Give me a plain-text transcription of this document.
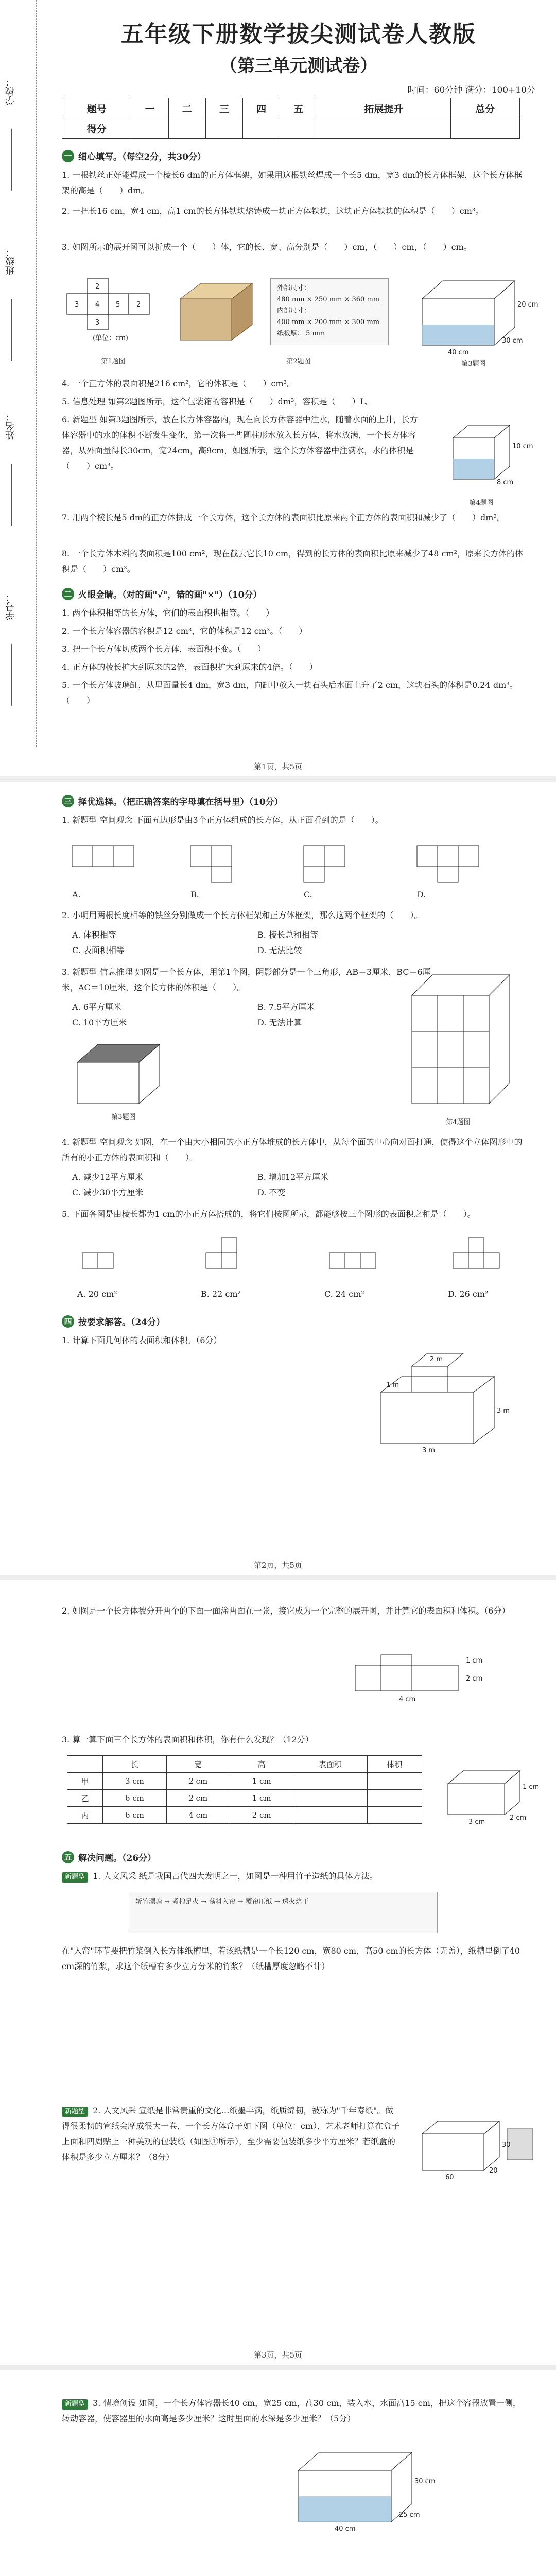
学校：
班级：
姓名：
学号：
五年级下册数学拔尖测试卷人教版
（第三单元测试卷）
时间：60分钟 满分：100+10分
题号	一	二	三	四	五	拓展提升	总分
得分							
一 细心填写。（每空2分，共30分）
1. 一根铁丝正好能焊成一个棱长6 dm的正方体框架，如果用这根铁丝焊成一个长5 dm，宽3 dm的长方体框架，这个长方体框架的高是（　　）dm。
2. 一把长16 cm，宽4 cm，高1 cm的长方体铁块熔铸成一块正方体铁块，这块正方体铁块的体积是（　　）cm³。
3. 如图所示的展开图可以折成一个（　　）体，它的长、宽、高分别是（　　）cm，（　　）cm，（　　）cm。
2
3 4 5 2
3
(单位：cm)
第1题图
外部尺寸：
480 mm × 250 mm × 360 mm
内部尺寸：
400 mm × 200 mm × 300 mm
纸板厚： 5 mm
第2题图
40 cm
30 cm
20 cm
第3题图
4. 一个正方体的表面积是216 cm²，它的体积是（　　）cm³。
5. 信息处理 如第2题图所示，这个包装箱的容积是（　　）dm³，容积是（　　）L。
6. 新题型 如第3题图所示，放在长方体容器内，现在向长方体容器中注水，随着水面的上升，长方体容器中的水的体积不断发生变化，第一次将一些圆柱形水放入长方体，将水放满，一个长方体容器，从外面量得长30cm，宽24cm，高9cm，如图所示，这个长方体容器中注满水，水的体积是（　　）cm³。
8 cm
10 cm
第4题图
7. 用两个棱长是5 dm的正方体拼成一个长方体，这个长方体的表面积比原来两个正方体的表面积和减少了（　　）dm²。
8. 一个长方体木料的表面积是100 cm²，现在截去它长10 cm，得到的长方体的表面积比原来减少了48 cm²，原来长方体的体积是（　　）cm³。
二 火眼金睛。（对的画"√"，错的画"×"）（10分）
1. 两个体积相等的长方体，它们的表面积也相等。（　　）
2. 一个长方体容器的容积是12 cm³，它的体积是12 cm³。（　　）
3. 把一个长方体切成两个长方体，表面积不变。（　　）
4. 正方体的棱长扩大到原来的2倍，表面积扩大到原来的4倍。（　　）
5. 一个长方体玻璃缸，从里面量长4 dm，宽3 dm，向缸中放入一块石头后水面上升了2 cm，这块石头的体积是0.24 dm³。（　　）
第1页，共5页
三 择优选择。（把正确答案的字母填在括号里）（10分）
1. 新题型 空间观念 下面五边形是由3个正方体组成的长方体，从正面看到的是（　　）。
A.	B.	C.	D.
2. 小明用两根长度相等的铁丝分别做成一个长方体框架和正方体框架，那么这两个框架的（　　）。
A. 体积相等	B. 棱长总和相等
C. 表面积相等	D. 无法比较
3. 新题型 信息推理 如图是一个长方体，用第1个图，阴影部分是一个三角形，AB＝3厘米，BC＝6厘米，AC＝10厘米，这个长方体的体积是（　　）。
A. 6平方厘米	B. 7.5平方厘米
C. 10平方厘米	D. 无法计算
第3题图
第4题图
4. 新题型 空间观念 如图，在一个由大小相同的小正方体堆成的长方体中，从每个面的中心向对面打通，使得这个立体图形中的所有的小正方体的表面积和（　　）。
A. 减少12平方厘米	B. 增加12平方厘米
C. 减少30平方厘米	D. 不变
5. 下面各图是由棱长都为1 cm的小正方体搭成的，将它们按图所示，都能够按三个图形的表面积之和是（　　）。
A. 20 cm²	B. 22 cm²	C. 24 cm²	D. 26 cm²
四 按要求解答。（24分）
1. 计算下面几何体的表面积和体积。（6分）
2 m
3 m
3 m
1 m
第2页，共5页
2. 如图是一个长方体被分开两个的下面一面涂两面在一张，接它成为一个完整的展开图，并计算它的表面积和体积。（6分）
1 cm
2 cm
4 cm
3. 算一算下面三个长方体的表面积和体积，你有什么发现？（12分）
	长	宽	高	表面积	体积
甲	3 cm	2 cm	1 cm		
乙	6 cm	2 cm	1 cm		
丙	6 cm	4 cm	2 cm		
1 cm
3 cm
2 cm
五 解决问题。（26分）
新题型 1. 人文风采 纸是我国古代四大发明之一，如图是一种用竹子造纸的具体方法。
斩竹漂塘 → 煮楻足火 → 荡料入帘 → 覆帘压纸 → 透火焙干
在"入帘"环节要把竹浆倒入长方体纸槽里，若该纸槽是一个长120 cm，宽80 cm，高50 cm的长方体（无盖），纸槽里倒了40 cm深的竹浆，求这个纸槽有多少立方分米的竹浆？（纸槽厚度忽略不计）
新题型 2. 人文风采 宣纸是非常贵重的文化…纸墨丰满，纸质绵韧，被称为"千年寿纸"。做得很柔韧的宣纸会摩成很大一卷，一个长方体盒子如下图（单位：cm），艺术老师打算在盒子上面和四周贴上一种美观的包装纸（如图①所示），至少需要包装纸多少平方厘米？若纸盒的体积是多少立方厘米？（8分）
30
20
60
第3页，共5页
新题型 3. 情境创设 如图，一个长方体容器长40 cm，宽25 cm，高30 cm，装入水，水面高15 cm，把这个容器放置一侧，转动容器，使容器里的水面高是多少厘米？这时里面的水深是多少厘米？（5分）
30 cm
25 cm
40 cm
